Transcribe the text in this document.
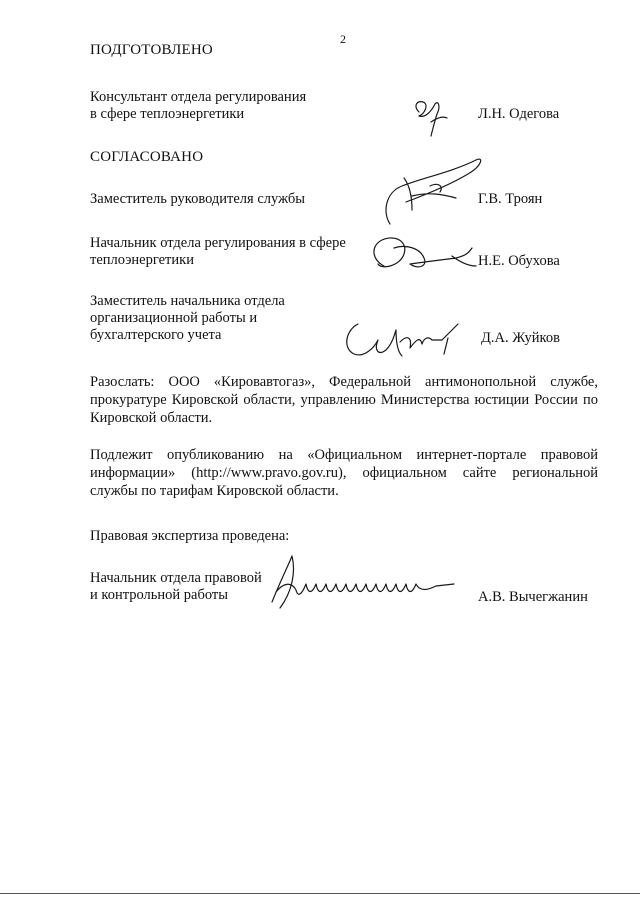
2
ПОДГОТОВЛЕНО
Консультант отдела регулирования
в сфере теплоэнергетики	Л.Н. Одегова
СОГЛАСОВАНО
Заместитель руководителя службы	Г.В. Троян
Начальник отдела регулирования в сфере
теплоэнергетики	Н.Е. Обухова
Заместитель начальника отдела
организационной работы и
бухгалтерского учета	Д.А. Жуйков
Разослать: ООО «Кировавтогаз», Федеральной антимонопольной службе, прокуратуре Кировской области, управлению Министерства юстиции России по Кировской области.
Подлежит опубликованию на «Официальном интернет-портале правовой информации» (http://www.pravo.gov.ru), официальном сайте региональной службы по тарифам Кировской области.
Правовая экспертиза проведена:
Начальник отдела правовой
и контрольной работы	А.В. Вычегжанин
